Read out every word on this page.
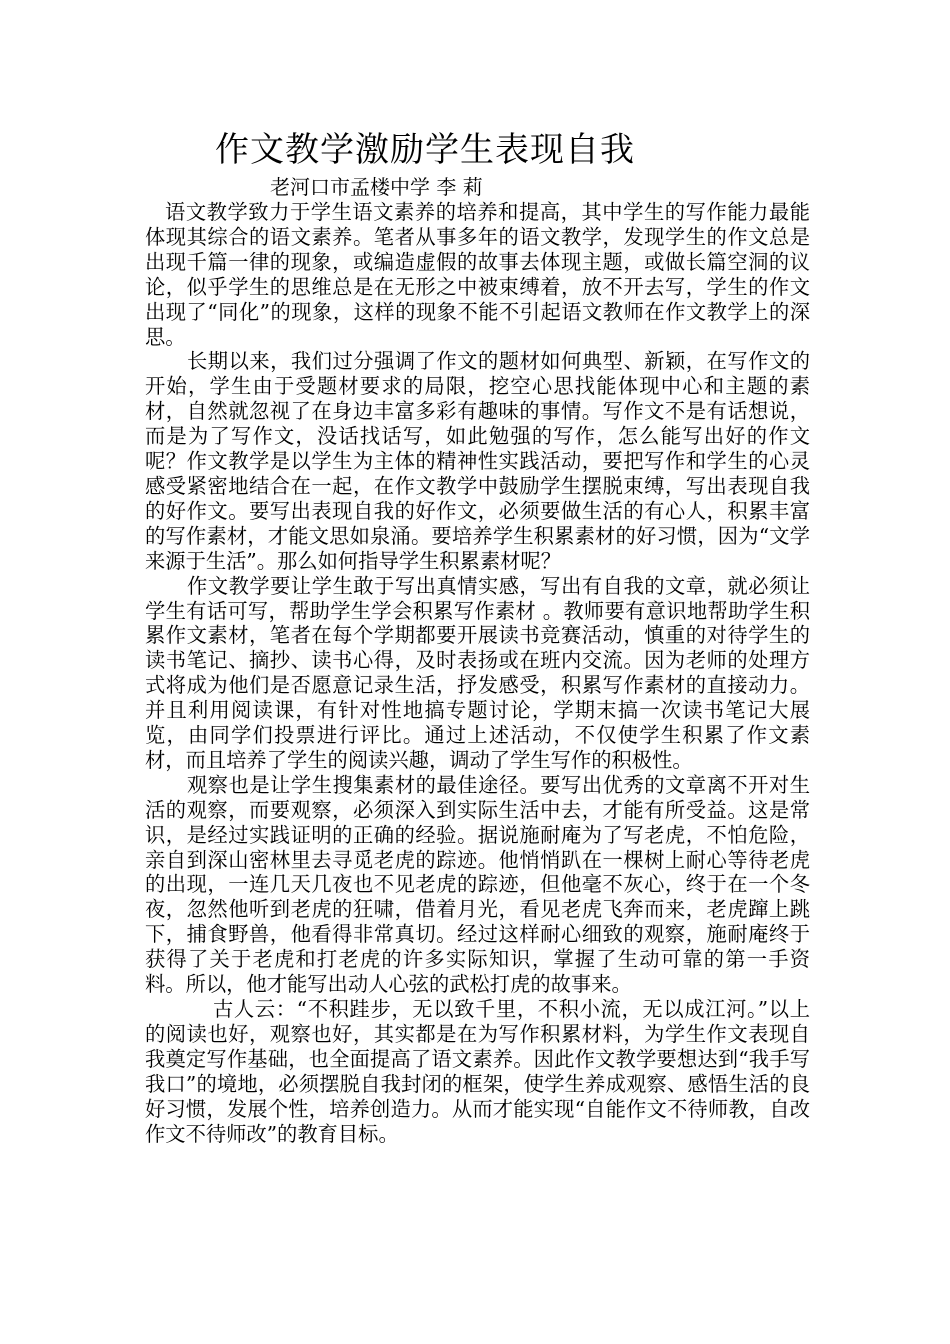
作文教学激励学生表现自我
老河口市孟楼中学 李 莉

语文教学致力于学生语文素养的培养和提高，其中学生的写作能力最能体现其综合的语文素养。笔者从事多年的语文教学，发现学生的作文总是出现千篇一律的现象，或编造虚假的故事去体现主题，或做长篇空洞的议论，似乎学生的思维总是在无形之中被束缚着，放不开去写，学生的作文出现了“同化”的现象，这样的现象不能不引起语文教师在作文教学上的深思。

长期以来，我们过分强调了作文的题材如何典型、新颖，在写作文的开始，学生由于受题材要求的局限，挖空心思找能体现中心和主题的素材，自然就忽视了在身边丰富多彩有趣味的事情。写作文不是有话想说，而是为了写作文，没话找话写，如此勉强的写作，怎么能写出好的作文呢？作文教学是以学生为主体的精神性实践活动，要把写作和学生的心灵感受紧密地结合在一起，在作文教学中鼓励学生摆脱束缚，写出表现自我的好作文。要写出表现自我的好作文，必须要做生活的有心人，积累丰富的写作素材，才能文思如泉涌。要培养学生积累素材的好习惯，因为“文学来源于生活”。那么如何指导学生积累素材呢？

作文教学要让学生敢于写出真情实感，写出有自我的文章，就必须让学生有话可写，帮助学生学会积累写作素材 。教师要有意识地帮助学生积累作文素材，笔者在每个学期都要开展读书竞赛活动，慎重的对待学生的读书笔记、摘抄、读书心得，及时表扬或在班内交流。因为老师的处理方式将成为他们是否愿意记录生活，抒发感受，积累写作素材的直接动力。并且利用阅读课，有针对性地搞专题讨论，学期末搞一次读书笔记大展览，由同学们投票进行评比。通过上述活动，不仅使学生积累了作文素材，而且培养了学生的阅读兴趣，调动了学生写作的积极性。

观察也是让学生搜集素材的最佳途径。要写出优秀的文章离不开对生活的观察，而要观察，必须深入到实际生活中去，才能有所受益。这是常识，是经过实践证明的正确的经验。据说施耐庵为了写老虎，不怕危险，亲自到深山密林里去寻觅老虎的踪迹。他悄悄趴在一棵树上耐心等待老虎的出现，一连几天几夜也不见老虎的踪迹，但他毫不灰心，终于在一个冬夜，忽然他听到老虎的狂啸，借着月光，看见老虎飞奔而来，老虎蹿上跳下，捕食野兽，他看得非常真切。经过这样耐心细致的观察，施耐庵终于获得了关于老虎和打老虎的许多实际知识，掌握了生动可靠的第一手资料。所以，他才能写出动人心弦的武松打虎的故事来。

古人云：“不积跬步，无以致千里，不积小流，无以成江河。”以上的阅读也好，观察也好，其实都是在为写作积累材料，为学生作文表现自我奠定写作基础，也全面提高了语文素养。因此作文教学要想达到“我手写我口”的境地，必须摆脱自我封闭的框架，使学生养成观察、感悟生活的良好习惯，发展个性，培养创造力。从而才能实现“自能作文不待师教，自改作文不待师改”的教育目标。
